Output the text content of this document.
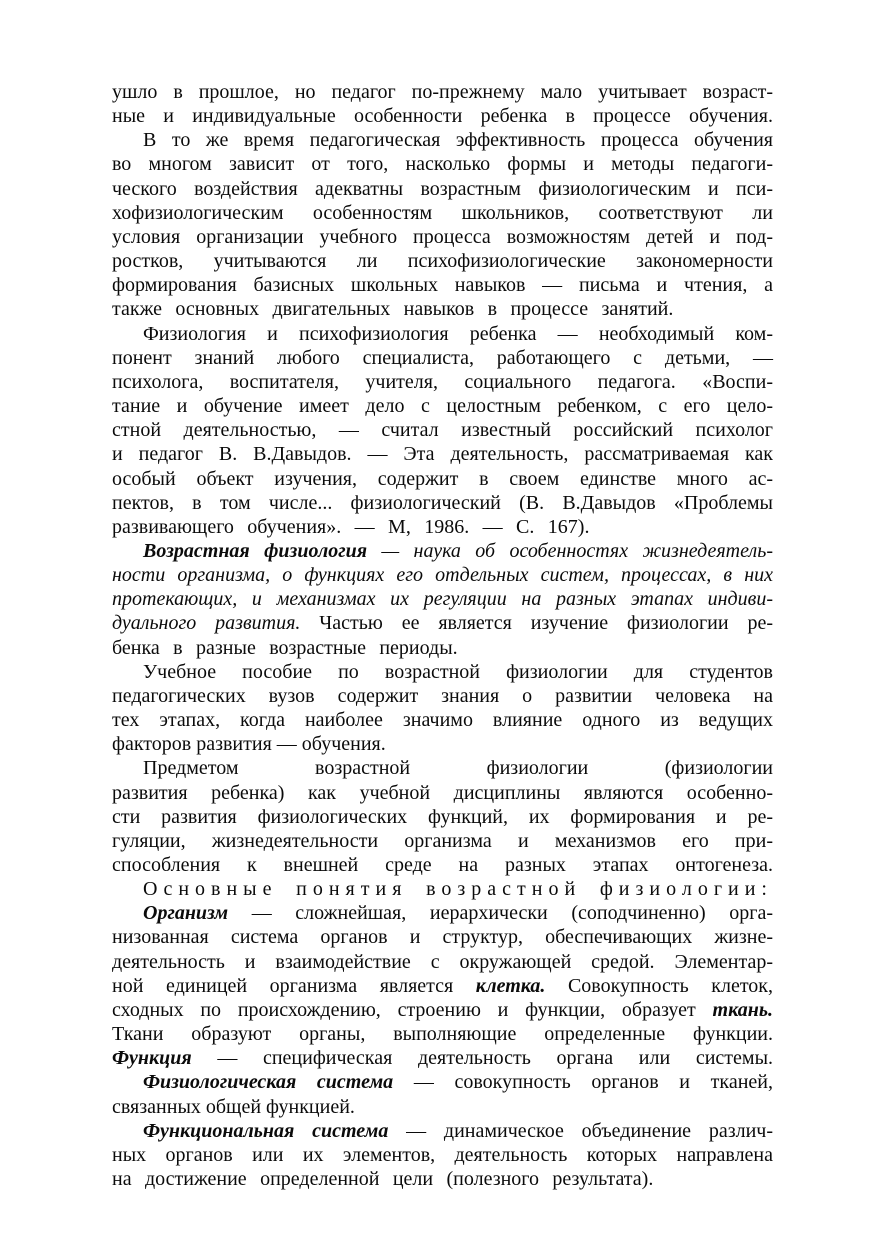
ушло в прошлое, но педагог по-прежнему мало учитывает возраст-
ные и индивидуальные особенности ребенка в процессе обучения.
В то же время педагогическая эффективность процесса обучения
во многом зависит от того, насколько формы и методы педагоги-
ческого воздействия адекватны возрастным физиологическим и пси-
хофизиологическим особенностям школьников, соответствуют ли
условия организации учебного процесса возможностям детей и под-
ростков, учитываются ли психофизиологические закономерности
формирования базисных школьных навыков — письма и чтения, а
также основных двигательных навыков в процессе занятий.
Физиология и психофизиология ребенка — необходимый ком-
понент знаний любого специалиста, работающего с детьми, —
психолога, воспитателя, учителя, социального педагога. «Воспи-
тание и обучение имеет дело с целостным ребенком, с его цело-
стной деятельностью, — считал известный российский психолог
и педагог В. В.Давыдов. — Эта деятельность, рассматриваемая как
особый объект изучения, содержит в своем единстве много ас-
пектов, в том числе... физиологический (В. В.Давыдов «Проблемы
развивающего обучения». — М, 1986. — С. 167).
Возрастная физиология — наука об особенностях жизнедеятель-
ности организма, о функциях его отдельных систем, процессах, в них
протекающих, и механизмах их регуляции на разных этапах индиви-
дуального развития. Частью ее является изучение физиологии ре-
бенка в разные возрастные периоды.
Учебное пособие по возрастной физиологии для студентов
педагогических вузов содержит знания о развитии человека на
тех этапах, когда наиболее значимо влияние одного из ведущих
факторов развития — обучения.
Предметом возрастной физиологии (физиологии
развития ребенка) как учебной дисциплины являются особенно-
сти развития физиологических функций, их формирования и ре-
гуляции, жизнедеятельности организма и механизмов его при-
способления к внешней среде на разных этапах онтогенеза.
Основные понятия возрастной физиологии:
Организм — сложнейшая, иерархически (соподчиненно) орга-
низованная система органов и структур, обеспечивающих жизне-
деятельность и взаимодействие с окружающей средой. Элементар-
ной единицей организма является клетка. Совокупность клеток,
сходных по происхождению, строению и функции, образует ткань.
Ткани образуют органы, выполняющие определенные функции.
Функция — специфическая деятельность органа или системы.
Физиологическая система — совокупность органов и тканей,
связанных общей функцией.
Функциональная система — динамическое объединение различ-
ных органов или их элементов, деятельность которых направлена
на достижение определенной цели (полезного результата).
